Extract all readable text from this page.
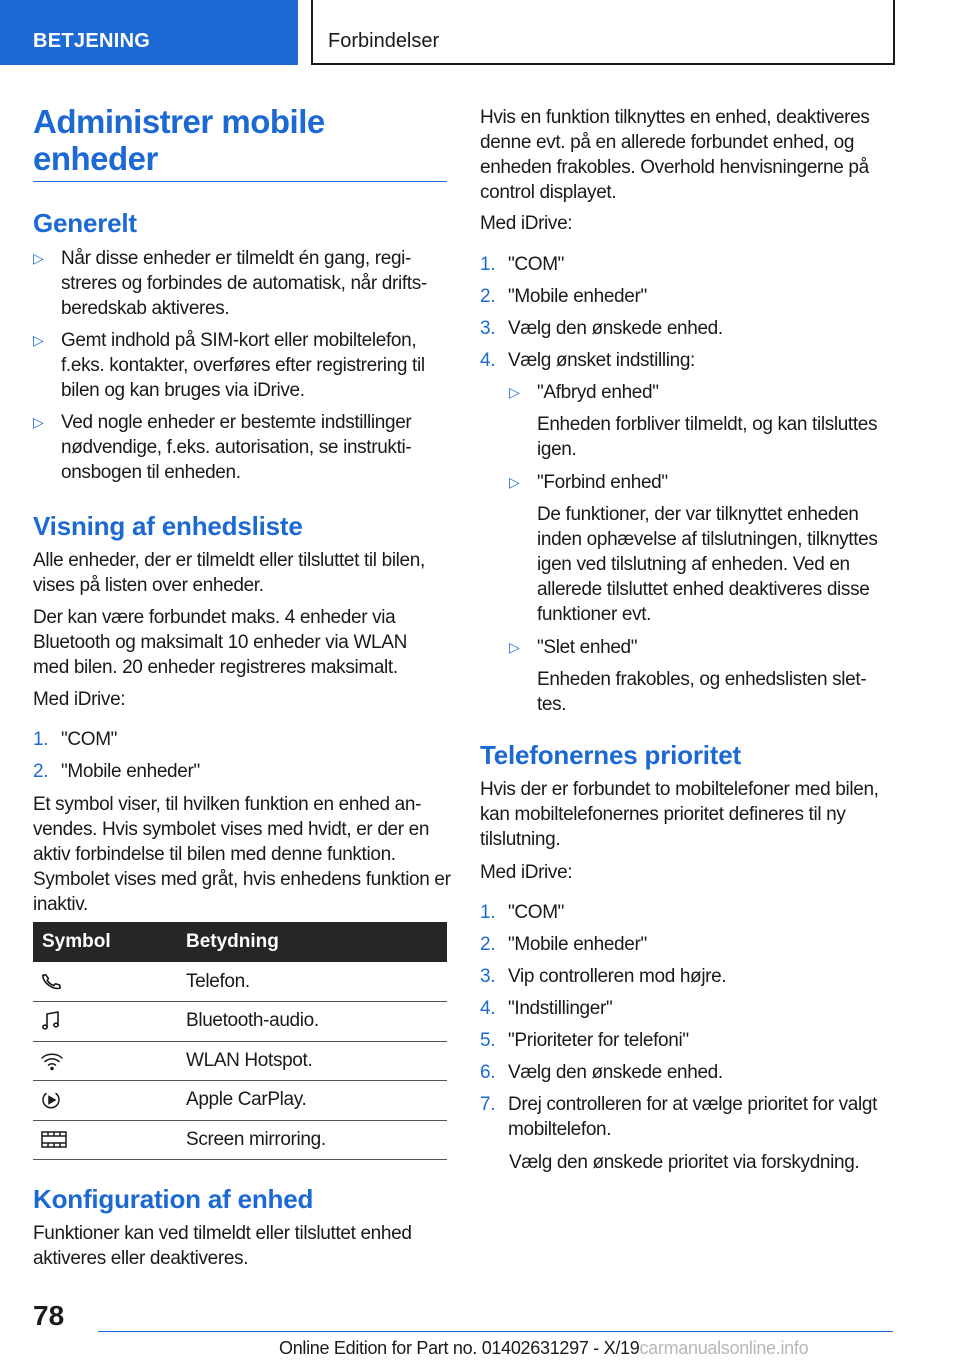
BETJENING	Forbindelser
Administrer mobile enheder
Generelt
▷ Når disse enheder er tilmeldt én gang, registreres og forbindes de automatisk, når driftsberedskab aktiveres.
▷ Gemt indhold på SIM-kort eller mobiltelefon, f.eks. kontakter, overføres efter registrering til bilen og kan bruges via iDrive.
▷ Ved nogle enheder er bestemte indstillinger nødvendige, f.eks. autorisation, se instruktionsbogen til enheden.
Visning af enhedsliste
Alle enheder, der er tilmeldt eller tilsluttet til bilen, vises på listen over enheder.
Der kan være forbundet maks. 4 enheder via Bluetooth og maksimalt 10 enheder via WLAN med bilen. 20 enheder registreres maksimalt.
Med iDrive:
1. "COM"
2. "Mobile enheder"
Et symbol viser, til hvilken funktion en enhed anvendes. Hvis symbolet vises med hvidt, er der en aktiv forbindelse til bilen med denne funktion. Symbolet vises med gråt, hvis enhedens funktion er inaktiv.
Symbol	Betydning

	Telefon.

	Bluetooth-audio.

	WLAN Hotspot.

	Apple CarPlay.

	Screen mirroring.
Konfiguration af enhed
Funktioner kan ved tilmeldt eller tilsluttet enhed aktiveres eller deaktiveres.
Hvis en funktion tilknyttes en enhed, deaktiveres denne evt. på en allerede forbundet enhed, og enheden frakobles. Overhold henvisningerne på control displayet.
Med iDrive:
1. "COM"
2. "Mobile enheder"
3. Vælg den ønskede enhed.
4. Vælg ønsket indstilling:
▷ "Afbryd enhed"
Enheden forbliver tilmeldt, og kan tilsluttes igen.
▷ "Forbind enhed"
De funktioner, der var tilknyttet enheden inden ophævelse af tilslutningen, tilknyttes igen ved tilslutning af enheden. Ved en allerede tilsluttet enhed deaktiveres disse funktioner evt.
▷ "Slet enhed"
Enheden frakobles, og enhedslisten slettes.
Telefonernes prioritet
Hvis der er forbundet to mobiltelefoner med bilen, kan mobiltelefonernes prioritet defineres til ny tilslutning.
Med iDrive:
1. "COM"
2. "Mobile enheder"
3. Vip controlleren mod højre.
4. "Indstillinger"
5. "Prioriteter for telefoni"
6. Vælg den ønskede enhed.
7. Drej controlleren for at vælge prioritet for valgt mobiltelefon.
Vælg den ønskede prioritet via forskydning.
78
Online Edition for Part no. 01402631297 - X/19carmanualsonline.info
